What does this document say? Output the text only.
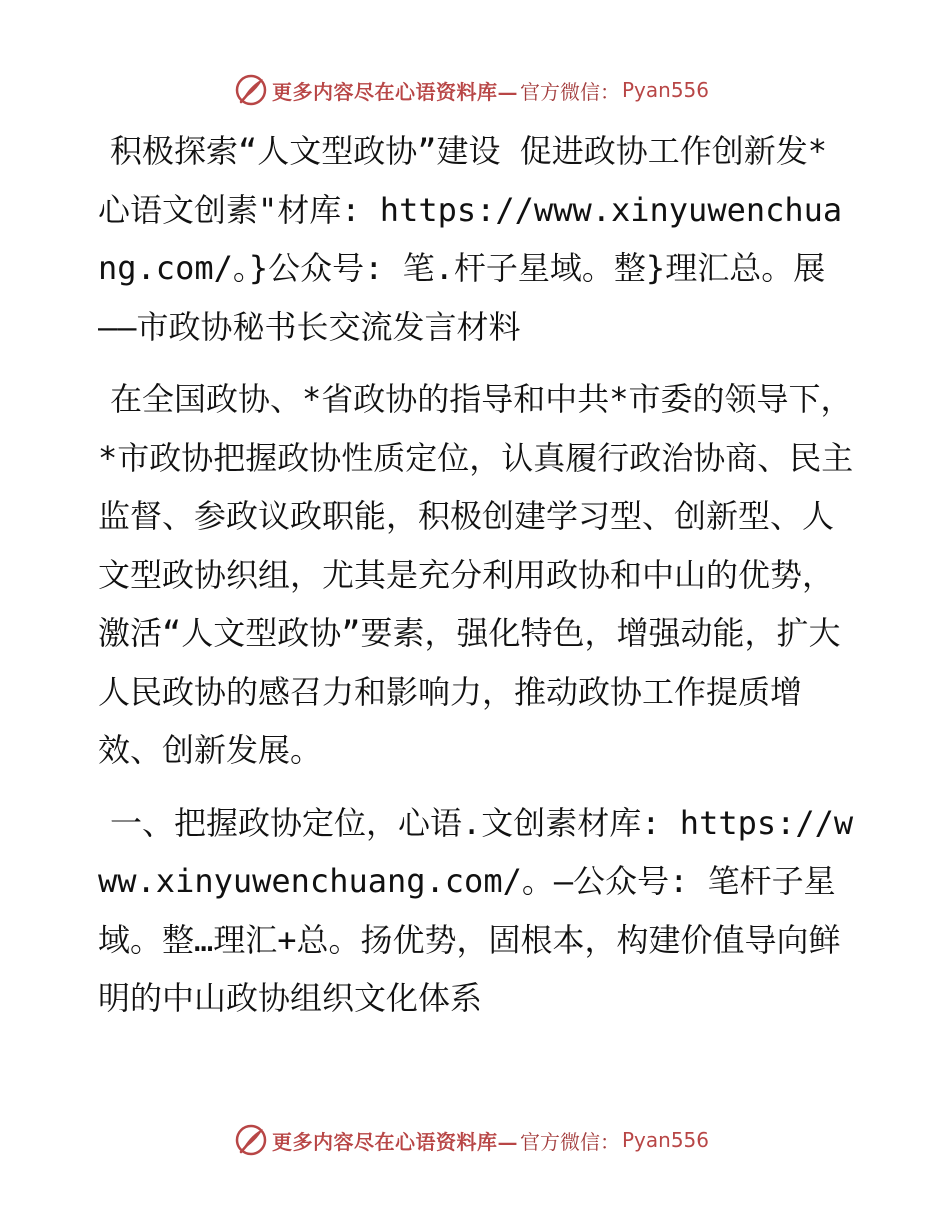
更多内容尽在心语资料库— 官方微信： Pyan556

积极探索“人文型政协”建设 促进政协工作创新发*心语文创素"材库: https://www.xinyuwenchuang.com/。}公众号: 笔.杆子星域。整}理汇总。展——市政协秘书长交流发言材料

在全国政协、*省政协的指导和中共*市委的领导下，*市政协把握政协性质定位，认真履行政治协商、民主监督、参政议政职能，积极创建学习型、创新型、人文型政协织组，尤其是充分利用政协和中山的优势，激活“人文型政协”要素，强化特色，增强动能，扩大人民政协的感召力和影响力，推动政协工作提质增效、创新发展。

一、把握政协定位，心语.文创素材库: https://www.xinyuwenchuang.com/。—公众号: 笔杆子星域。整…理汇+总。扬优势，固根本，构建价值导向鲜明的中山政协组织文化体系

更多内容尽在心语资料库— 官方微信： Pyan556
